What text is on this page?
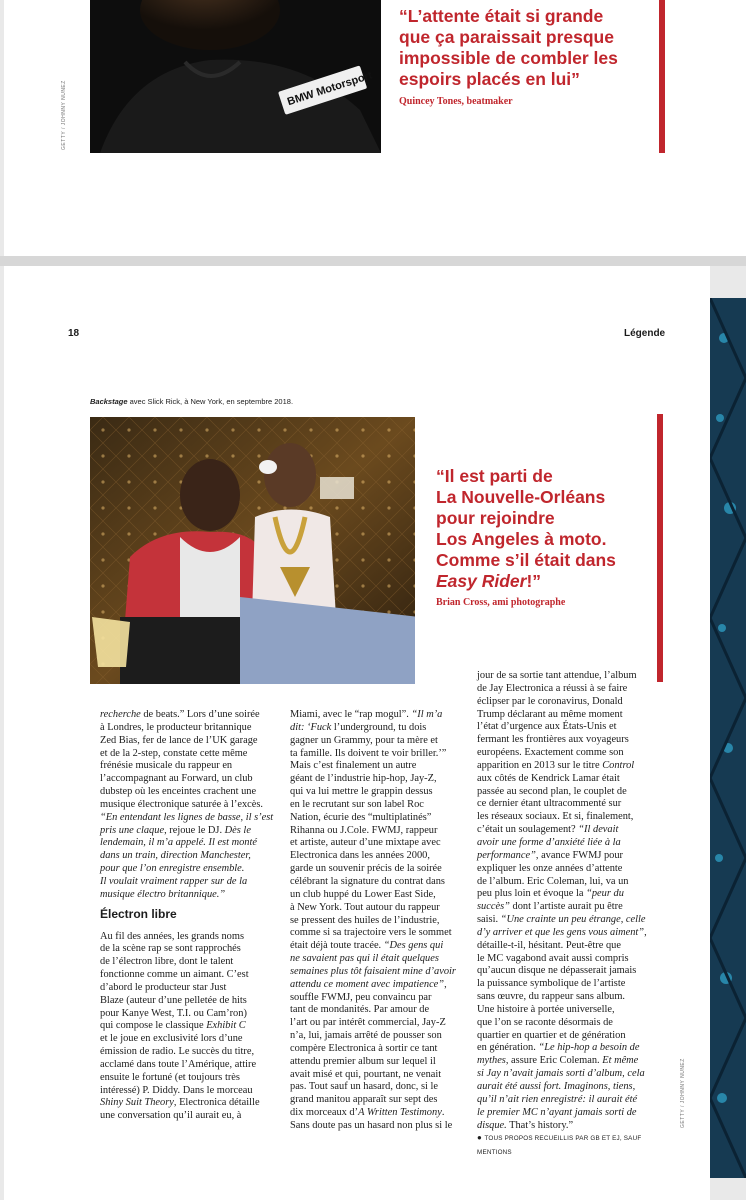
BMW Motorsport
GETTY / JOHNNY NUNEZ
“L’attente était si grande
que ça paraissait presque
impossible de combler les
espoirs placés en lui”
Quincey Tones, beatmaker
18	Légende
Backstage avec Slick Rick, à New York, en septembre 2018.
GETTY / JOHNNY NUNEZ
“Il est parti de
La Nouvelle-Orléans
pour rejoindre
Los Angeles à moto.
Comme s’il était dans
Easy Rider!”
Brian Cross, ami photographe
recherche de beats.” Lors d’une soirée
à Londres, le producteur britannique
Zed Bias, fer de lance de l’UK garage
et de la 2-step, constate cette même
frénésie musicale du rappeur en
l’accompagnant au Forward, un club
dubstep où les enceintes crachent une
musique électronique saturée à l’excès.
“En entendant les lignes de basse, il s’est
pris une claque, rejoue le DJ. Dès le
lendemain, il m’a appelé. Il est monté
dans un train, direction Manchester,
pour que l’on enregistre ensemble.
Il voulait vraiment rapper sur de la
musique électro britannique.”
Électron libre
Au fil des années, les grands noms
de la scène rap se sont rapprochés
de l’électron libre, dont le talent
fonctionne comme un aimant. C’est
d’abord le producteur star Just
Blaze (auteur d’une pelletée de hits
pour Kanye West, T.I. ou Cam’ron)
qui compose le classique Exhibit C
et le joue en exclusivité lors d’une
émission de radio. Le succès du titre,
acclamé dans toute l’Amérique, attire
ensuite le fortuné (et toujours très
intéressé) P. Diddy. Dans le morceau
Shiny Suit Theory, Electronica détaille
une conversation qu’il aurait eu, à
Miami, avec le “rap mogul”. “Il m’a
dit: ‘Fuck l’underground, tu dois
gagner un Grammy, pour ta mère et
ta famille. Ils doivent te voir briller.’”
Mais c’est finalement un autre
géant de l’industrie hip-hop, Jay-Z,
qui va lui mettre le grappin dessus
en le recrutant sur son label Roc
Nation, écurie des “multiplatinés”
Rihanna ou J.Cole. FWMJ, rappeur
et artiste, auteur d’une mixtape avec
Electronica dans les années 2000,
garde un souvenir précis de la soirée
célébrant la signature du contrat dans
un club huppé du Lower East Side,
à New York. Tout autour du rappeur
se pressent des huiles de l’industrie,
comme si sa trajectoire vers le sommet
était déjà toute tracée. “Des gens qui
ne savaient pas qui il était quelques
semaines plus tôt faisaient mine d’avoir
attendu ce moment avec impatience”,
souffle FWMJ, peu convaincu par
tant de mondanités. Par amour de
l’art ou par intérêt commercial, Jay-Z
n’a, lui, jamais arrêté de pousser son
compère Electronica à sortir ce tant
attendu premier album sur lequel il
avait misé et qui, pourtant, ne venait
pas. Tout sauf un hasard, donc, si le
grand manitou apparaît sur sept des
dix morceaux d’A Written Testimony.
Sans doute pas un hasard non plus si le
jour de sa sortie tant attendue, l’album
de Jay Electronica a réussi à se faire
éclipser par le coronavirus, Donald
Trump déclarant au même moment
l’état d’urgence aux États-Unis et
fermant les frontières aux voyageurs
européens. Exactement comme son
apparition en 2013 sur le titre Control
aux côtés de Kendrick Lamar était
passée au second plan, le couplet de
ce dernier étant ultracommenté sur
les réseaux sociaux. Et si, finalement,
c’était un soulagement? “Il devait
avoir une forme d’anxiété liée à la
performance”, avance FWMJ pour
expliquer les onze années d’attente
de l’album. Eric Coleman, lui, va un
peu plus loin et évoque la “peur du
succès” dont l’artiste aurait pu être
saisi. “Une crainte un peu étrange, celle
d’y arriver et que les gens vous aiment”,
détaille-t-il, hésitant. Peut-être que
le MC vagabond avait aussi compris
qu’aucun disque ne dépasserait jamais
la puissance symbolique de l’artiste
sans œuvre, du rappeur sans album.
Une histoire à portée universelle,
que l’on se raconte désormais de
quartier en quartier et de génération
en génération. “Le hip-hop a besoin de
mythes, assure Eric Coleman. Et même
si Jay n’avait jamais sorti d’album, cela
aurait été aussi fort. Imaginons, tiens,
qu’il n’ait rien enregistré: il aurait été
le premier MC n’ayant jamais sorti de
disque. That’s history.”
● TOUS PROPOS RECUEILLIS PAR GB ET EJ, SAUF MENTIONS
